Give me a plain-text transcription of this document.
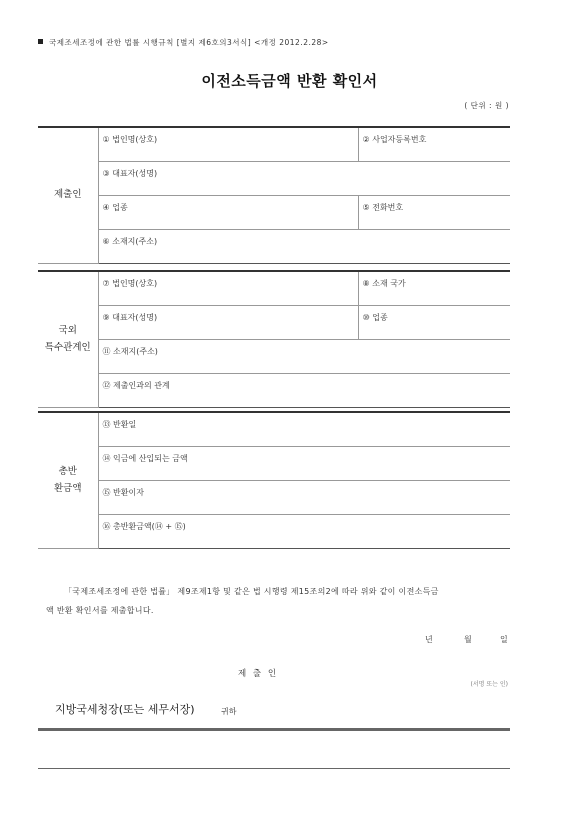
국제조세조정에 관한 법률 시행규칙 [별지 제6호의3서식] <개정 2012.2.28>
이전소득금액 반환 확인서
( 단위 : 원 )
제출인	① 법인명(상호)	② 사업자등록번호
	③ 대표자(성명)	
	④ 업종	⑤ 전화번호
	⑥ 소재지(주소)	
국외
특수관계인	⑦ 법인명(상호)	⑧ 소재 국가
	⑨ 대표자(성명)	⑩ 업종
	⑪ 소재지(주소)	
	⑫ 제출인과의 관계	
총반
환금액
	⑬ 반환일
⑭ 익금에 산입되는 금액
⑮ 반환이자
⑯ 총반환금액(⑭ + ⑮)
「국제조세조정에 관한 법률」 제9조제1항 및 같은 법 시행령 제15조의2에 따라 위와 같이 이전소득금
액 반환 확인서를 제출합니다.
년	월	일
제 출 인
(서명 또는 인)
지방국세청장(또는 세무서장)	귀하
